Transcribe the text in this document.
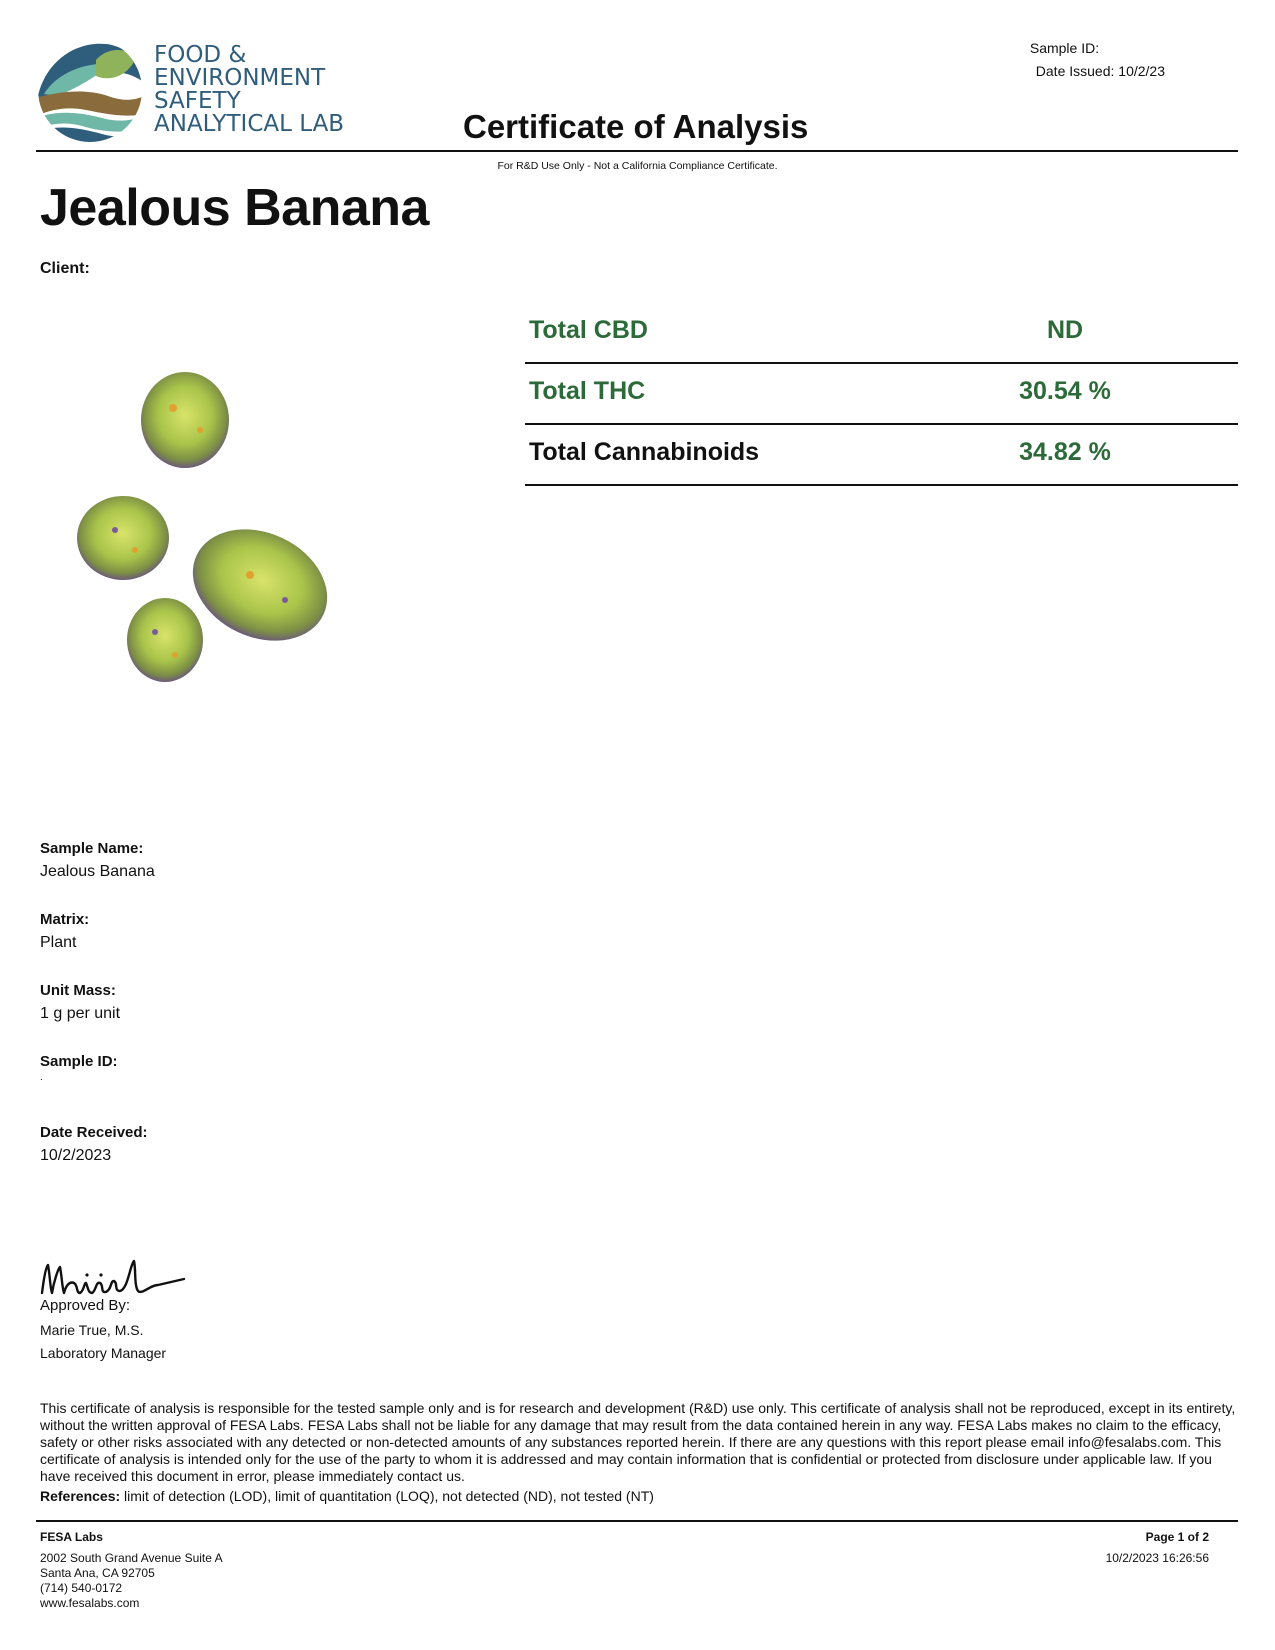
FOOD &
ENVIRONMENT
SAFETY
ANALYTICAL LAB
Sample ID:
Date Issued: 10/2/23
Certificate of Analysis
For R&D Use Only - Not a California Compliance Certificate.
Jealous Banana
Client:
Total CBD	ND
Total THC	30.54 %
Total Cannabinoids	34.82 %
Sample Name:
Jealous Banana
Matrix:
Plant
Unit Mass:
1 g per unit
Sample ID:
.
Date Received:
10/2/2023
Approved By:
Marie True, M.S.
Laboratory Manager
This certificate of analysis is responsible for the tested sample only and is for research and development (R&D) use only. This certificate of analysis shall not be reproduced, except in its entirety, without the written approval of FESA Labs. FESA Labs shall not be liable for any damage that may result from the data contained herein in any way. FESA Labs makes no claim to the efficacy, safety or other risks associated with any detected or non-detected amounts of any substances reported herein. If there are any questions with this report please email info@fesalabs.com. This certificate of analysis is intended only for the use of the party to whom it is addressed and may contain information that is confidential or protected from disclosure under applicable law. If you have received this document in error, please immediately contact us.
References: limit of detection (LOD), limit of quantitation (LOQ), not detected (ND), not tested (NT)
FESA Labs
2002 South Grand Avenue Suite A
Santa Ana, CA 92705
(714) 540-0172
www.fesalabs.com
Page 1 of 2
10/2/2023 16:26:56
